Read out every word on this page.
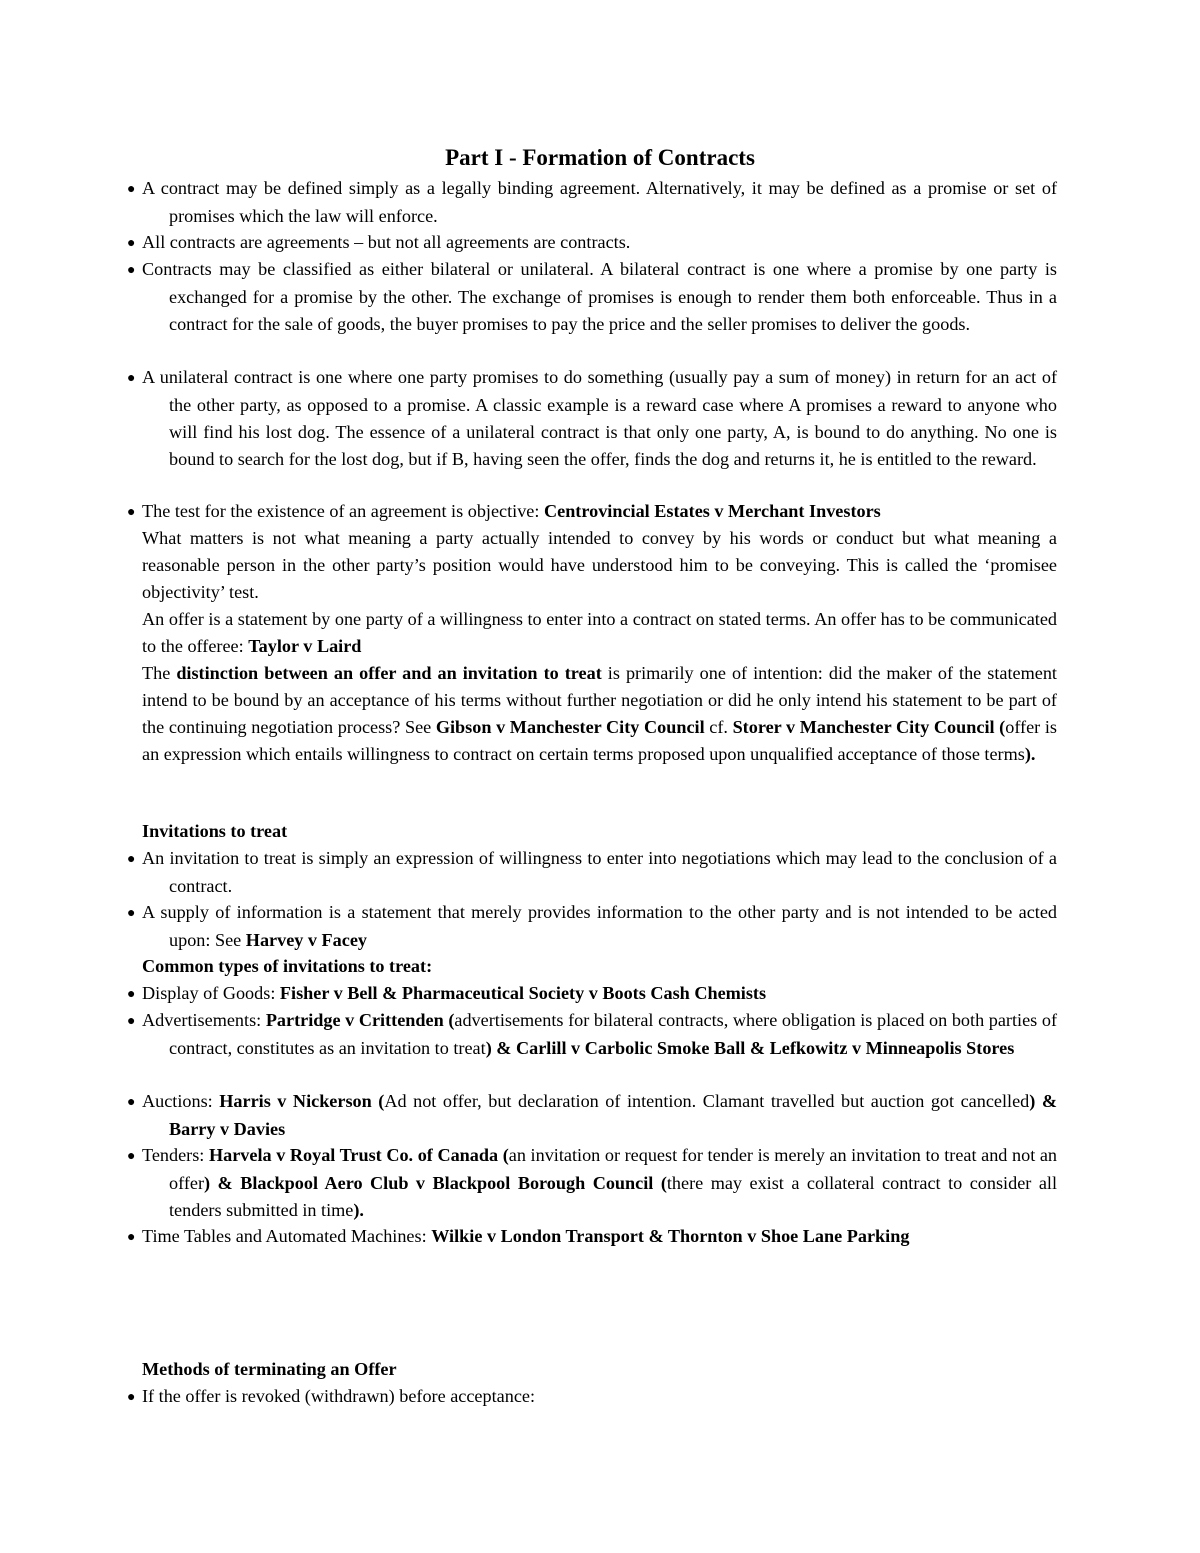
Part I - Formation of Contracts

● A contract may be defined simply as a legally binding agreement. Alternatively, it may be defined as a promise or set of promises which the law will enforce.

● All contracts are agreements – but not all agreements are contracts.

● Contracts may be classified as either bilateral or unilateral. A bilateral contract is one where a promise by one party is exchanged for a promise by the other. The exchange of promises is enough to render them both enforceable. Thus in a contract for the sale of goods, the buyer promises to pay the price and the seller promises to deliver the goods.

● A unilateral contract is one where one party promises to do something (usually pay a sum of money) in return for an act of the other party, as opposed to a promise. A classic example is a reward case where A promises a reward to anyone who will find his lost dog. The essence of a unilateral contract is that only one party, A, is bound to do anything. No one is bound to search for the lost dog, but if B, having seen the offer, finds the dog and returns it, he is entitled to the reward.

● The test for the existence of an agreement is objective: Centrovincial Estates v Merchant Investors

What matters is not what meaning a party actually intended to convey by his words or conduct but what meaning a reasonable person in the other party’s position would have understood him to be conveying. This is called the ‘promisee objectivity’ test.

An offer is a statement by one party of a willingness to enter into a contract on stated terms. An offer has to be communicated to the offeree: Taylor v Laird

The distinction between an offer and an invitation to treat is primarily one of intention: did the maker of the statement intend to be bound by an acceptance of his terms without further negotiation or did he only intend his statement to be part of the continuing negotiation process? See Gibson v Manchester City Council cf. Storer v Manchester City Council (offer is an expression which entails willingness to contract on certain terms proposed upon unqualified acceptance of those terms).

Invitations to treat

● An invitation to treat is simply an expression of willingness to enter into negotiations which may lead to the conclusion of a contract.

● A supply of information is a statement that merely provides information to the other party and is not intended to be acted upon: See Harvey v Facey

Common types of invitations to treat:

● Display of Goods: Fisher v Bell & Pharmaceutical Society v Boots Cash Chemists

● Advertisements: Partridge v Crittenden (advertisements for bilateral contracts, where obligation is placed on both parties of contract, constitutes as an invitation to treat) & Carlill v Carbolic Smoke Ball & Lefkowitz v Minneapolis Stores

● Auctions: Harris v Nickerson (Ad not offer, but declaration of intention. Clamant travelled but auction got cancelled) & Barry v Davies

● Tenders: Harvela v Royal Trust Co. of Canada (an invitation or request for tender is merely an invitation to treat and not an offer) & Blackpool Aero Club v Blackpool Borough Council (there may exist a collateral contract to consider all tenders submitted in time).

● Time Tables and Automated Machines: Wilkie v London Transport & Thornton v Shoe Lane Parking

Methods of terminating an Offer

● If the offer is revoked (withdrawn) before acceptance:
